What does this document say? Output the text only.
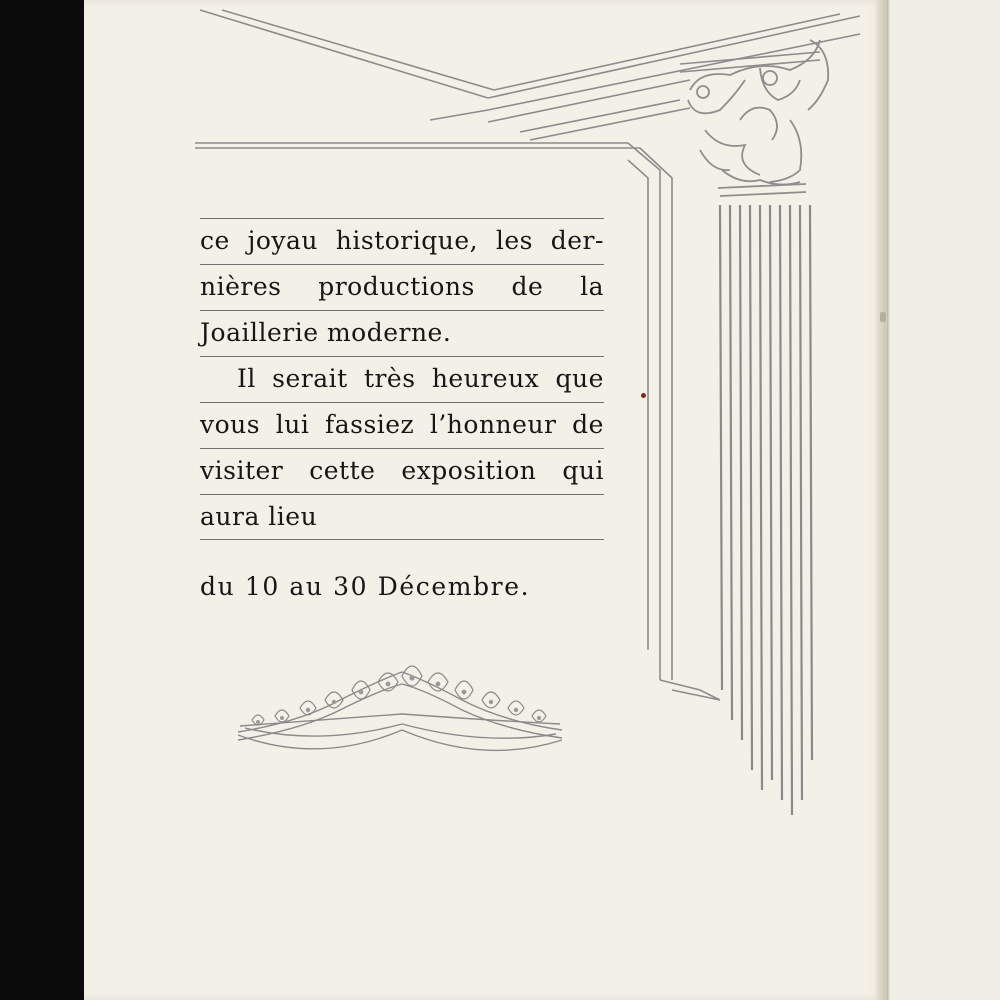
ce joyau historique, les der-
nières productions de la
Joaillerie moderne.
Il serait très heureux que
vous lui fassiez l’honneur de
visiter cette exposition qui
aura lieu
du 10 au 30 Décembre.
